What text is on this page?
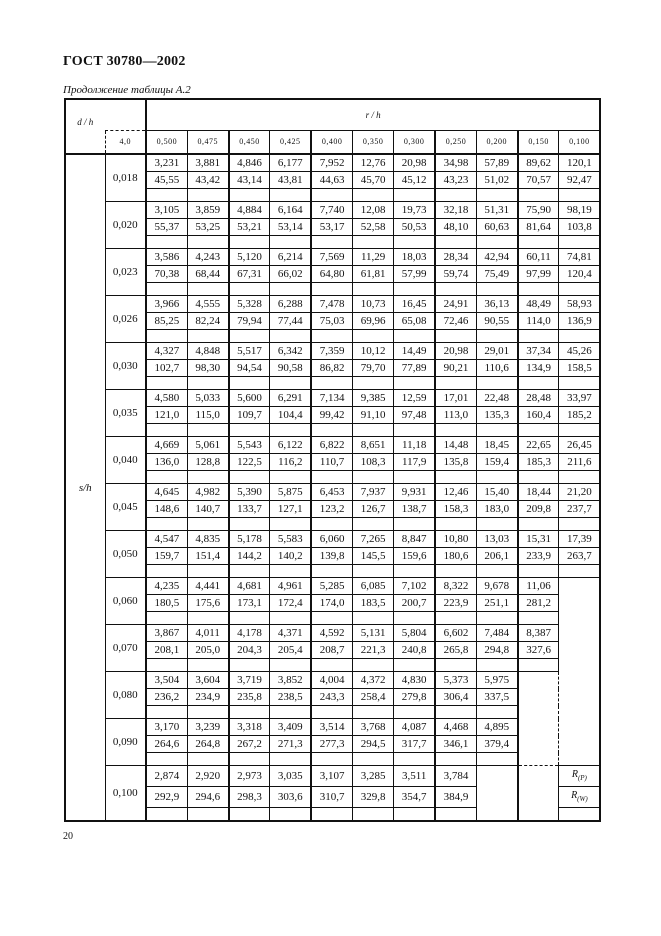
ГОСТ 30780—2002
Продолжение таблицы А.2
d / h		r / h										
	4,0	0,500	0,475	0,450	0,425	0,400	0,350	0,300	0,250	0,200	0,150	0,100
s/h	0,018	3,231	3,881	4,846	6,177	7,952	12,76	20,98	34,98	57,89	89,62	120,1
		45,55	43,42	43,14	43,81	44,63	45,70	45,12	43,23	51,02	70,57	92,47

	0,020	3,105	3,859	4,884	6,164	7,740	12,08	19,73	32,18	51,31	75,90	98,19
		55,37	53,25	53,21	53,14	53,17	52,58	50,53	48,10	60,63	81,64	103,8

	0,023	3,586	4,243	5,120	6,214	7,569	11,29	18,03	28,34	42,94	60,11	74,81
		70,38	68,44	67,31	66,02	64,80	61,81	57,99	59,74	75,49	97,99	120,4

	0,026	3,966	4,555	5,328	6,288	7,478	10,73	16,45	24,91	36,13	48,49	58,93
		85,25	82,24	79,94	77,44	75,03	69,96	65,08	72,46	90,55	114,0	136,9

	0,030	4,327	4,848	5,517	6,342	7,359	10,12	14,49	20,98	29,01	37,34	45,26
		102,7	98,30	94,54	90,58	86,82	79,70	77,89	90,21	110,6	134,9	158,5

	0,035	4,580	5,033	5,600	6,291	7,134	9,385	12,59	17,01	22,48	28,48	33,97
		121,0	115,0	109,7	104,4	99,42	91,10	97,48	113,0	135,3	160,4	185,2

	0,040	4,669	5,061	5,543	6,122	6,822	8,651	11,18	14,48	18,45	22,65	26,45
		136,0	128,8	122,5	116,2	110,7	108,3	117,9	135,8	159,4	185,3	211,6

	0,045	4,645	4,982	5,390	5,875	6,453	7,937	9,931	12,46	15,40	18,44	21,20
		148,6	140,7	133,7	127,1	123,2	126,7	138,7	158,3	183,0	209,8	237,7

	0,050	4,547	4,835	5,178	5,583	6,060	7,265	8,847	10,80	13,03	15,31	17,39
		159,7	151,4	144,2	140,2	139,8	145,5	159,6	180,6	206,1	233,9	263,7

	0,060	4,235	4,441	4,681	4,961	5,285	6,085	7,102	8,322	9,678	11,06	
		180,5	175,6	173,1	172,4	174,0	183,5	200,7	223,9	251,1	281,2	

	0,070	3,867	4,011	4,178	4,371	4,592	5,131	5,804	6,602	7,484	8,387	
		208,1	205,0	204,3	205,4	208,7	221,3	240,8	265,8	294,8	327,6	

	0,080	3,504	3,604	3,719	3,852	4,004	4,372	4,830	5,373	5,975		
		236,2	234,9	235,8	238,5	243,3	258,4	279,8	306,4	337,5		

	0,090	3,170	3,239	3,318	3,409	3,514	3,768	4,087	4,468	4,895		
		264,6	264,8	267,2	271,3	277,3	294,5	317,7	346,1	379,4		

	0,100	2,874	2,920	2,973	3,035	3,107	3,285	3,511	3,784			$R_{(P)}$
		292,9	294,6	298,3	303,6	310,7	329,8	354,7	384,9			$R_{(W)}$

20
